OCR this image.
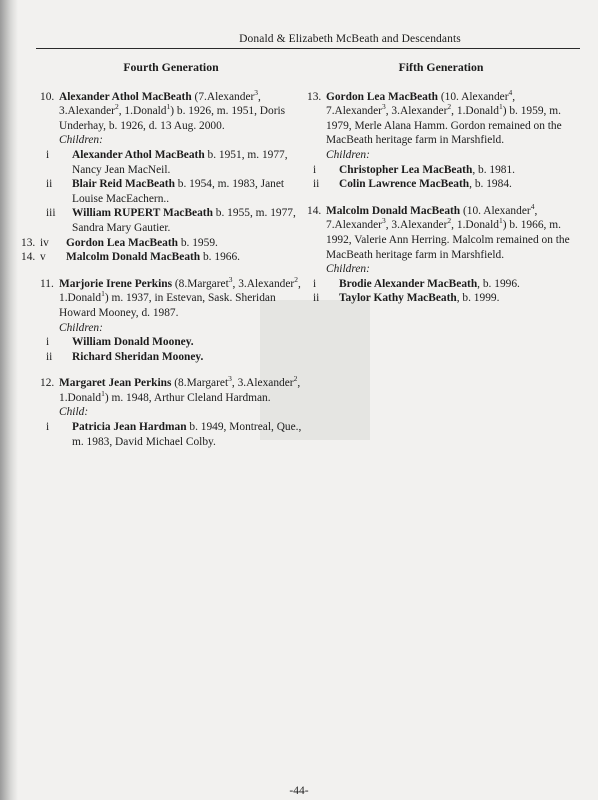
Donald & Elizabeth McBeath and Descendants
Fourth Generation
10. Alexander Athol MacBeath (7.Alexander$^3$, 3.Alexander$^2$, 1.Donald$^1$) b. 1926, m. 1951, Doris Underhay, b. 1926, d. 13 Aug. 2000.
Children:
i	Alexander Athol MacBeath b. 1951, m. 1977, Nancy Jean MacNeil.
ii	Blair Reid MacBeath b. 1954, m. 1983, Janet Louise MacEachern..
iii	William RUPERT MacBeath b. 1955, m. 1977, Sandra Mary Gautier.
13. iv	Gordon Lea MacBeath b. 1959.
14. v	Malcolm Donald MacBeath b. 1966.
11. Marjorie Irene Perkins (8.Margaret$^3$, 3.Alexander$^2$, 1.Donald$^1$) m. 1937, in Estevan, Sask. Sheridan Howard Mooney, d. 1987.
Children:
i	William Donald Mooney.
ii	Richard Sheridan Mooney.
12. Margaret Jean Perkins (8.Margaret$^3$, 3.Alexander$^2$, 1.Donald$^1$) m. 1948, Arthur Cleland Hardman.
Child:
i	Patricia Jean Hardman b. 1949, Montreal, Que., m. 1983, David Michael Colby.
Fifth Generation
13. Gordon Lea MacBeath (10. Alexander$^4$, 7.Alexander$^3$, 3.Alexander$^2$, 1.Donald$^1$) b. 1959, m. 1979, Merle Alana Hamm. Gordon remained on the MacBeath heritage farm in Marshfield.
Children:
i	Christopher Lea MacBeath, b. 1981.
ii	Colin Lawrence MacBeath, b. 1984.
14. Malcolm Donald MacBeath (10. Alexander$^4$, 7.Alexander$^3$, 3.Alexander$^2$, 1.Donald$^1$) b. 1966, m. 1992, Valerie Ann Herring. Malcolm remained on the MacBeath heritage farm in Marshfield.
Children:
i	Brodie Alexander MacBeath, b. 1996.
ii	Taylor Kathy MacBeath, b. 1999.
-44-
